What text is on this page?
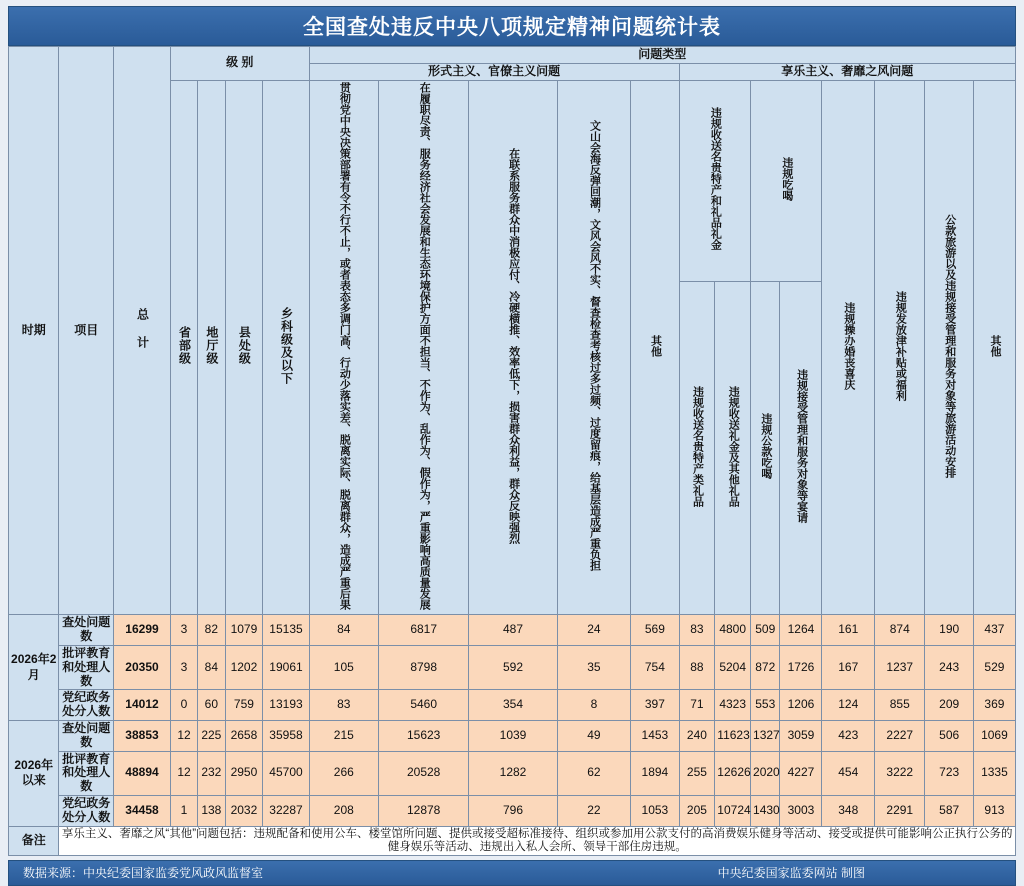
全国查处违反中央八项规定精神问题统计表
时期	项目	总 计	级 别				问题类型												
							形式主义、官僚主义问题					享乐主义、奢靡之风问题							
			省部级	地厅级	县处级	乡科级及以下	贯彻党中央决策部署有令不行不止，或者表态多调门高、行动少落实差、脱离实际、脱离群众，造成严重后果	在履职尽责、服务经济社会发展和生态环境保护方面不担当、不作为、乱作为、假作为，严重影响高质量发展	在联系服务群众中消极应付、冷硬横推、效率低下，损害群众利益，群众反映强烈	文山会海反弹回潮，文风会风不实、督查检查考核过多过频、过度留痕，给基层造成严重负担	其他	违规收送名贵特产和礼品礼金		违规吃喝		违规操办婚丧喜庆	违规发放津补贴或福利	公款旅游以及违规接受管理和服务对象等旅游活动安排	其他
												违规收送名贵特产类礼品	违规收送礼金及其他礼品	违规公款吃喝	违规接受管理和服务对象等宴请				
2026年2月	查处问题数	16299	3	82	1079	15135	84	6817	487	24	569	83	4800	509	1264	161	874	190	437
	批评教育和处理人数	20350	3	84	1202	19061	105	8798	592	35	754	88	5204	872	1726	167	1237	243	529
	党纪政务处分人数	14012	0	60	759	13193	83	5460	354	8	397	71	4323	553	1206	124	855	209	369
2026年以来	查处问题数	38853	12	225	2658	35958	215	15623	1039	49	1453	240	11623	1327	3059	423	2227	506	1069
	批评教育和处理人数	48894	12	232	2950	45700	266	20528	1282	62	1894	255	12626	2020	4227	454	3222	723	1335
	党纪政务处分人数	34458	1	138	2032	32287	208	12878	796	22	1053	205	10724	1430	3003	348	2291	587	913
备注	享乐主义、奢靡之风“其他”问题包括：违规配备和使用公车、楼堂馆所问题、提供或接受超标准接待、组织或参加用公款支付的高消费娱乐健身等活动、接受或提供可能影响公正执行公务的健身娱乐等活动、违规出入私人会所、领导干部住房违规。																		
数据来源：中央纪委国家监委党风政风监督室	中央纪委国家监委网站 制图
